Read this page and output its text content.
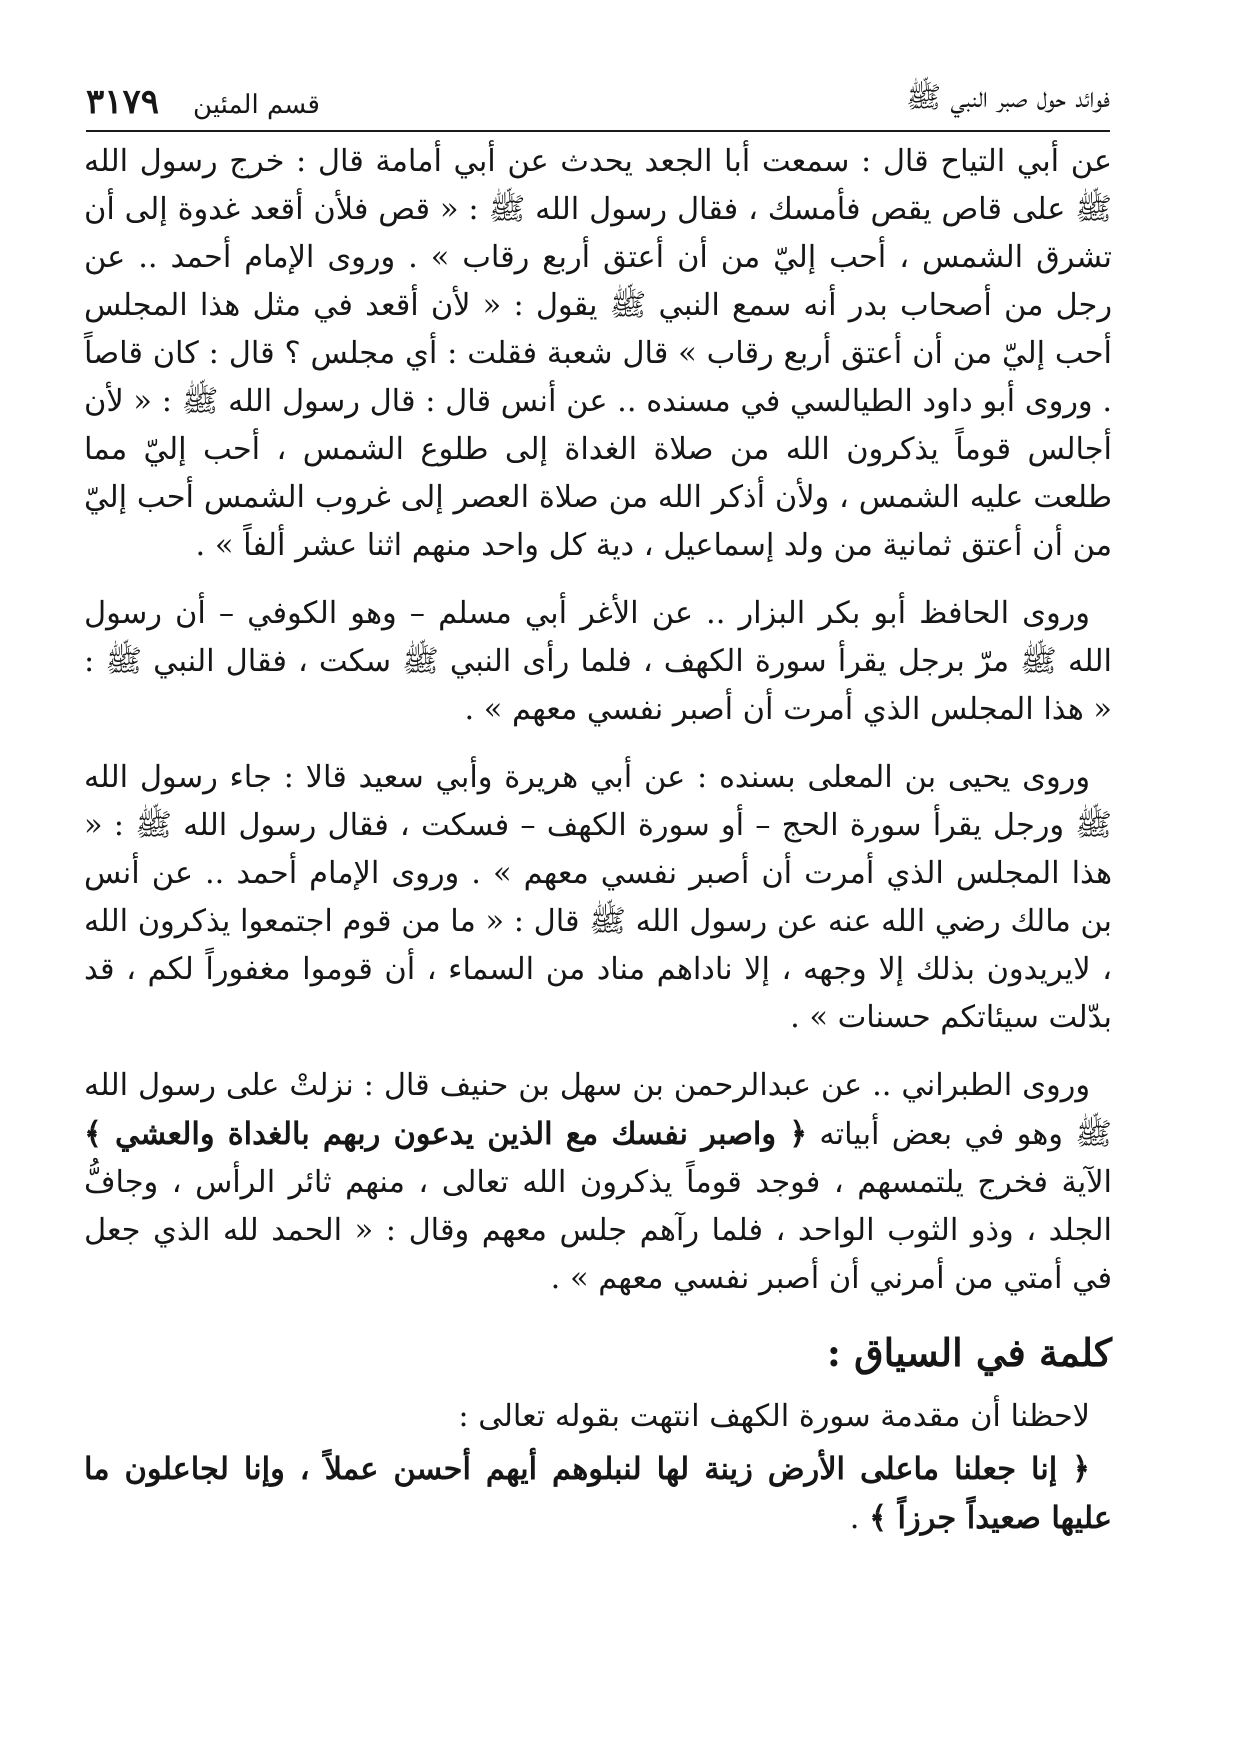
فوائد حول صبر النبي ﷺ
قسم المئين
٣١٧٩

عن أبي التياح قال : سمعت أبا الجعد يحدث عن أبي أمامة قال : خرج رسول الله ﷺ على قاص يقص فأمسك ، فقال رسول الله ﷺ : « قص فلأن أقعد غدوة إلى أن تشرق الشمس ، أحب إليّ من أن أعتق أربع رقاب » . وروى الإمام أحمد .. عن رجل من أصحاب بدر أنه سمع النبي ﷺ يقول : « لأن أقعد في مثل هذا المجلس أحب إليّ من أن أعتق أربع رقاب » قال شعبة فقلت : أي مجلس ؟ قال : كان قاصاً . وروى أبو داود الطيالسي في مسنده .. عن أنس قال : قال رسول الله ﷺ : « لأن أجالس قوماً يذكرون الله من صلاة الغداة إلى طلوع الشمس ، أحب إليّ مما طلعت عليه الشمس ، ولأن أذكر الله من صلاة العصر إلى غروب الشمس أحب إليّ من أن أعتق ثمانية من ولد إسماعيل ، دية كل واحد منهم اثنا عشر ألفاً » .

وروى الحافظ أبو بكر البزار .. عن الأغر أبي مسلم – وهو الكوفي – أن رسول الله ﷺ مرّ برجل يقرأ سورة الكهف ، فلما رأى النبي ﷺ سكت ، فقال النبي ﷺ : « هذا المجلس الذي أمرت أن أصبر نفسي معهم » .

وروى يحيى بن المعلى بسنده : عن أبي هريرة وأبي سعيد قالا : جاء رسول الله ﷺ ورجل يقرأ سورة الحج – أو سورة الكهف – فسكت ، فقال رسول الله ﷺ : « هذا المجلس الذي أمرت أن أصبر نفسي معهم » . وروى الإمام أحمد .. عن أنس بن مالك رضي الله عنه عن رسول الله ﷺ قال : « ما من قوم اجتمعوا يذكرون الله ، لايريدون بذلك إلا وجهه ، إلا ناداهم مناد من السماء ، أن قوموا مغفوراً لكم ، قد بدّلت سيئاتكم حسنات » .

وروى الطبراني .. عن عبدالرحمن بن سهل بن حنيف قال : نزلتْ على رسول الله ﷺ وهو في بعض أبياته ﴿ واصبر نفسك مع الذين يدعون ربهم بالغداة والعشي ﴾ الآية فخرج يلتمسهم ، فوجد قوماً يذكرون الله تعالى ، منهم ثائر الرأس ، وجافُّ الجلد ، وذو الثوب الواحد ، فلما رآهم جلس معهم وقال : « الحمد لله الذي جعل في أمتي من أمرني أن أصبر نفسي معهم » .

كلمة في السياق :

لاحظنا أن مقدمة سورة الكهف انتهت بقوله تعالى :

﴿ إنا جعلنا ماعلى الأرض زينة لها لنبلوهم أيهم أحسن عملاً ، وإنا لجاعلون ما عليها صعيداً جرزاً ﴾ .
